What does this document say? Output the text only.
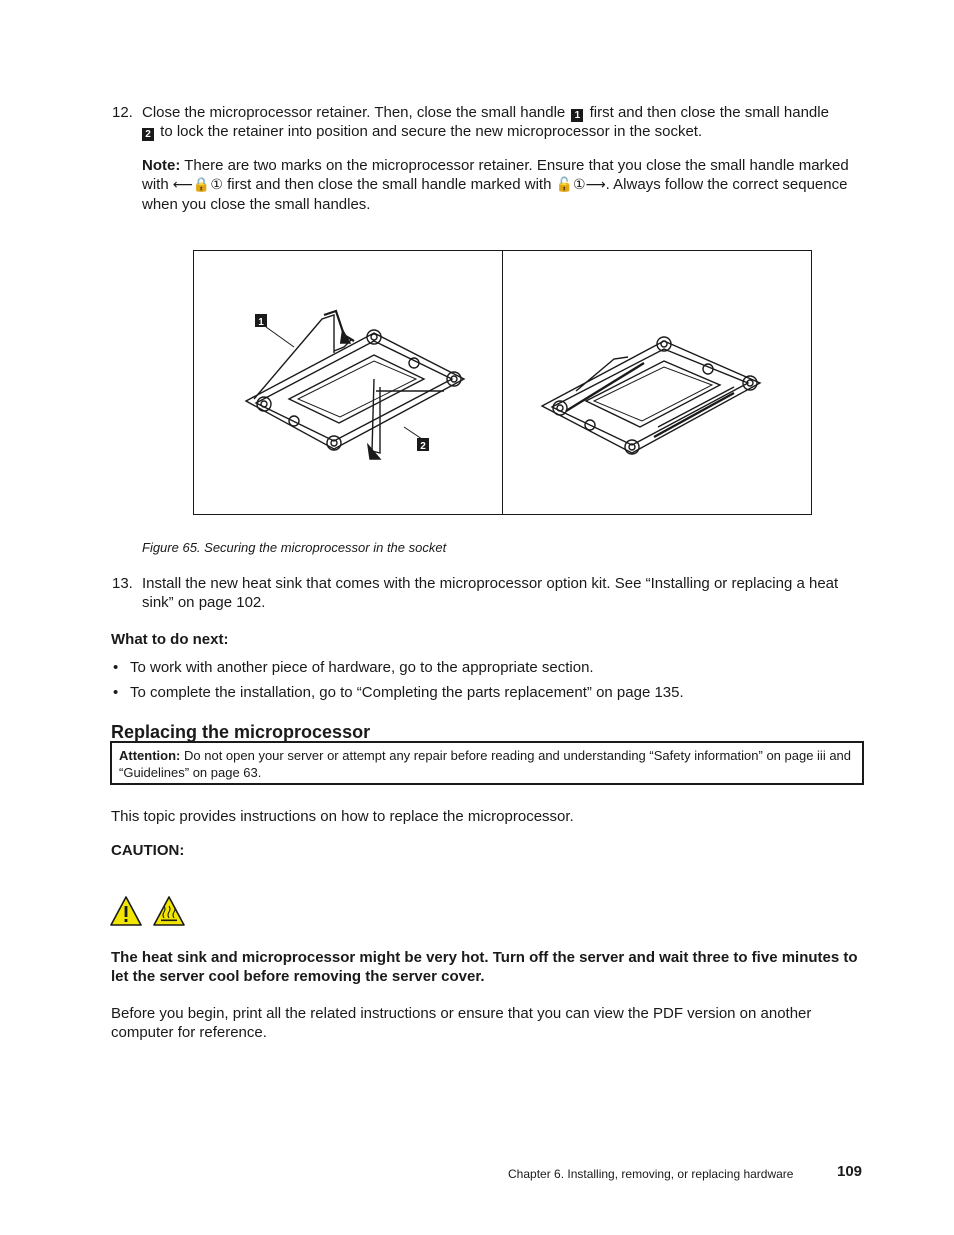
12. Close the microprocessor retainer. Then, close the small handle 1 first and then close the small handle
2 to lock the retainer into position and secure the new microprocessor in the socket.
Note: There are two marks on the microprocessor retainer. Ensure that you close the small handle marked with ⟵🔒① first and then close the small handle marked with 🔓①⟶. Always follow the correct sequence when you close the small handles.
1
2
Figure 65. Securing the microprocessor in the socket
13. Install the new heat sink that comes with the microprocessor option kit. See “Installing or replacing a heat sink” on page 102.
What to do next:
• To work with another piece of hardware, go to the appropriate section.
• To complete the installation, go to “Completing the parts replacement” on page 135.
Replacing the microprocessor
Attention: Do not open your server or attempt any repair before reading and understanding “Safety information” on page iii and “Guidelines” on page 63.
This topic provides instructions on how to replace the microprocessor.
CAUTION:
The heat sink and microprocessor might be very hot. Turn off the server and wait three to five minutes to let the server cool before removing the server cover.
Before you begin, print all the related instructions or ensure that you can view the PDF version on another computer for reference.
Chapter 6. Installing, removing, or replacing hardware	109
